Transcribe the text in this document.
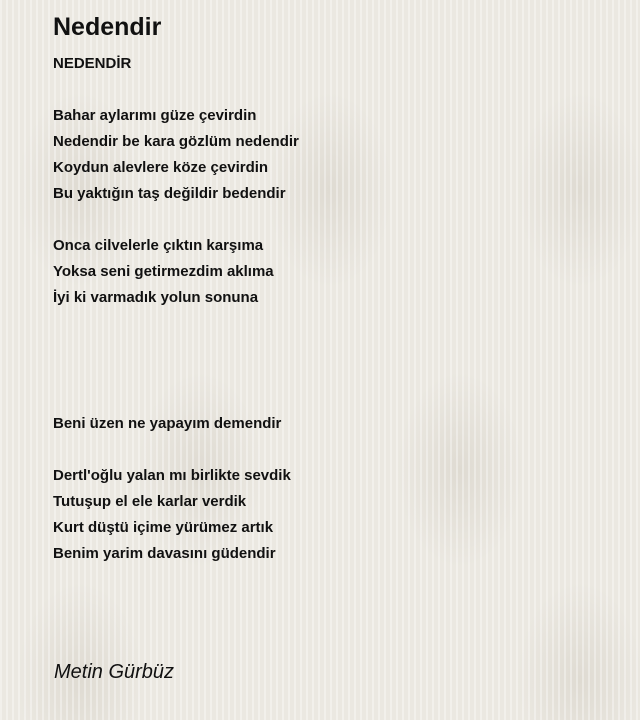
Nedendir
NEDENDİR
Bahar aylarımı güze çevirdin
Nedendir be kara gözlüm nedendir
Koydun alevlere köze çevirdin
Bu yaktığın taş değildir bedendir
Onca cilvelerle çıktın karşıma
Yoksa seni getirmezdim aklıma
İyi ki varmadık yolun sonuna
Beni üzen ne yapayım demendir
Dertl'oğlu yalan mı birlikte sevdik
Tutuşup el ele karlar verdik
Kurt düştü içime yürümez artık
Benim yarim davasını güdendir
Metin Gürbüz
